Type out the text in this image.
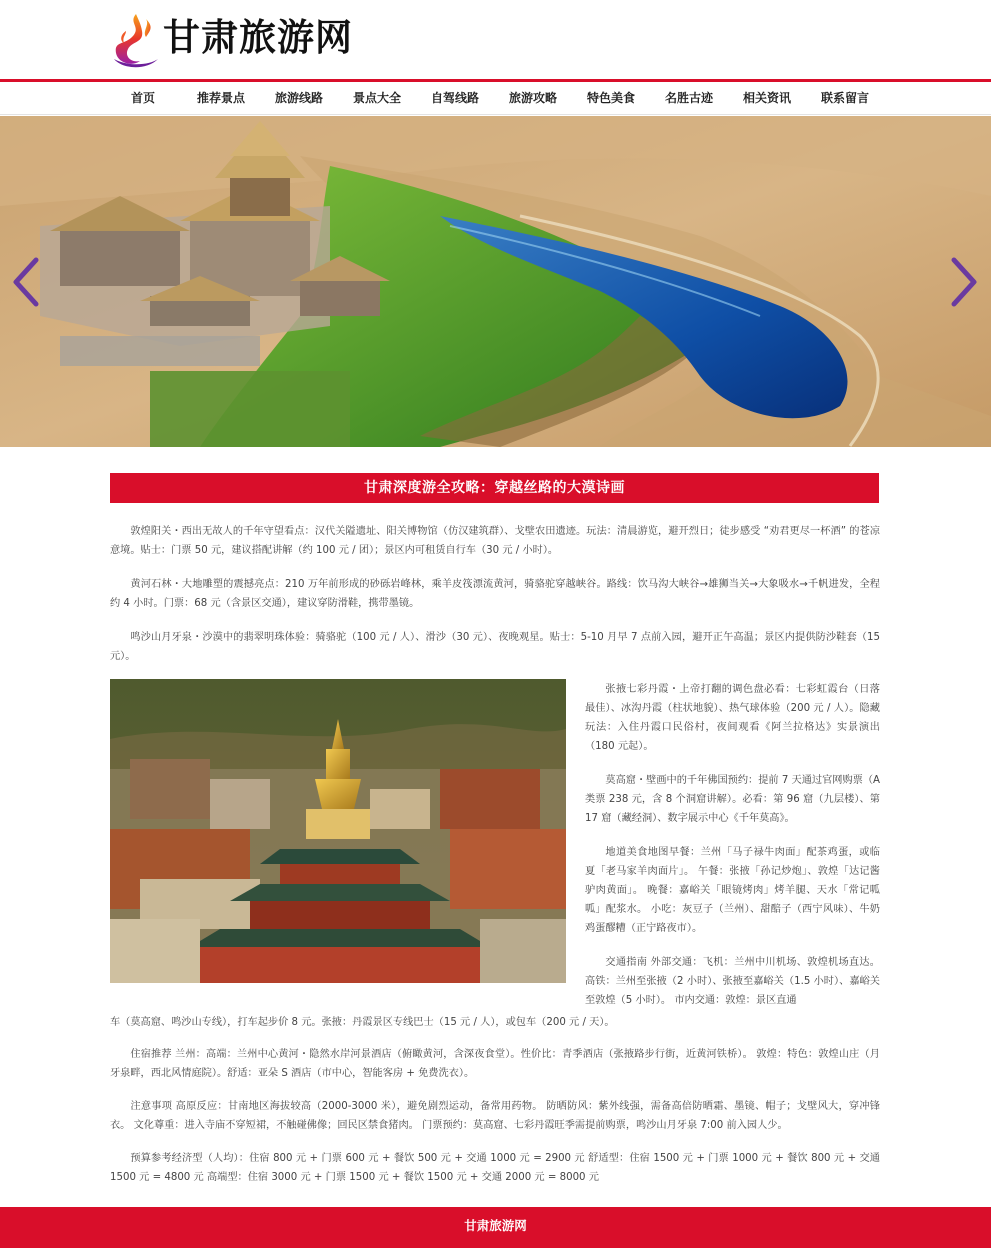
甘肃旅游网
首页	推荐景点	旅游线路	景点大全	自驾线路	旅游攻略	特色美食	名胜古迹	相关资讯	联系留言
甘肃深度游全攻略：穿越丝路的大漠诗画

敦煌阳关・西出无故人的千年守望看点：汉代关隘遗址、阳关博物馆（仿汉建筑群）、戈壁农田遗迹。玩法：清晨游览，避开烈日；徒步感受 “劝君更尽一杯酒” 的苍凉意境。贴士：门票 50 元，建议搭配讲解（约 100 元 / 团）；景区内可租赁自行车（30 元 / 小时）。

黄河石林・大地雕塑的震撼亮点：210 万年前形成的砂砾岩峰林，乘羊皮筏漂流黄河，骑骆驼穿越峡谷。路线：饮马沟大峡谷→雄狮当关→大象吸水→千帆进发，全程约 4 小时。门票：68 元（含景区交通），建议穿防滑鞋，携带墨镜。

鸣沙山月牙泉・沙漠中的翡翠明珠体验：骑骆驼（100 元 / 人）、滑沙（30 元）、夜晚观星。贴士：5-10 月早 7 点前入园，避开正午高温；景区内提供防沙鞋套（15 元）。

张掖七彩丹霞・上帝打翻的调色盘必看：七彩虹霞台（日落最佳）、冰沟丹霞（柱状地貌）、热气球体验（200 元 / 人）。隐藏玩法：入住丹霞口民俗村，夜间观看《阿兰拉格达》实景演出（180 元起）。

莫高窟・壁画中的千年佛国预约：提前 7 天通过官网购票（A 类票 238 元，含 8 个洞窟讲解）。必看：第 96 窟（九层楼）、第 17 窟（藏经洞）、数字展示中心《千年莫高》。

地道美食地图早餐：兰州「马子禄牛肉面」配茶鸡蛋，或临夏「老马家羊肉面片」。 午餐：张掖「孙记炒炮」、敦煌「达记酱驴肉黄面」。 晚餐：嘉峪关「眼镜烤肉」烤羊腿、天水「常记呱呱」配浆水。 小吃：灰豆子（兰州）、甜醅子（西宁风味）、牛奶鸡蛋醪糟（正宁路夜市）。

交通指南 外部交通：飞机：兰州中川机场、敦煌机场直达。高铁：兰州至张掖（2 小时）、张掖至嘉峪关（1.5 小时）、嘉峪关至敦煌（5 小时）。 市内交通：敦煌：景区直通

车（莫高窟、鸣沙山专线），打车起步价 8 元。张掖：丹霞景区专线巴士（15 元 / 人），或包车（200 元 / 天）。

住宿推荐 兰州：高端：兰州中心黄河・隐然水岸河景酒店（俯瞰黄河，含深夜食堂）。性价比：青季酒店（张掖路步行街，近黄河铁桥）。 敦煌：特色：敦煌山庄（月牙泉畔，西北风情庭院）。舒适：亚朵 S 酒店（市中心，智能客房 + 免费洗衣）。

注意事项 高原反应：甘南地区海拔较高（2000-3000 米），避免剧烈运动，备常用药物。 防晒防风：紫外线强，需备高倍防晒霜、墨镜、帽子；戈壁风大，穿冲锋衣。 文化尊重：进入寺庙不穿短裙，不触碰佛像；回民区禁食猪肉。 门票预约：莫高窟、七彩丹霞旺季需提前购票，鸣沙山月牙泉 7:00 前入园人少。

预算参考经济型（人均）：住宿 800 元 + 门票 600 元 + 餐饮 500 元 + 交通 1000 元 = 2900 元 舒适型：住宿 1500 元 + 门票 1000 元 + 餐饮 800 元 + 交通 1500 元 = 4800 元 高端型：住宿 3000 元 + 门票 1500 元 + 餐饮 1500 元 + 交通 2000 元 = 8000 元

甘肃旅游网
